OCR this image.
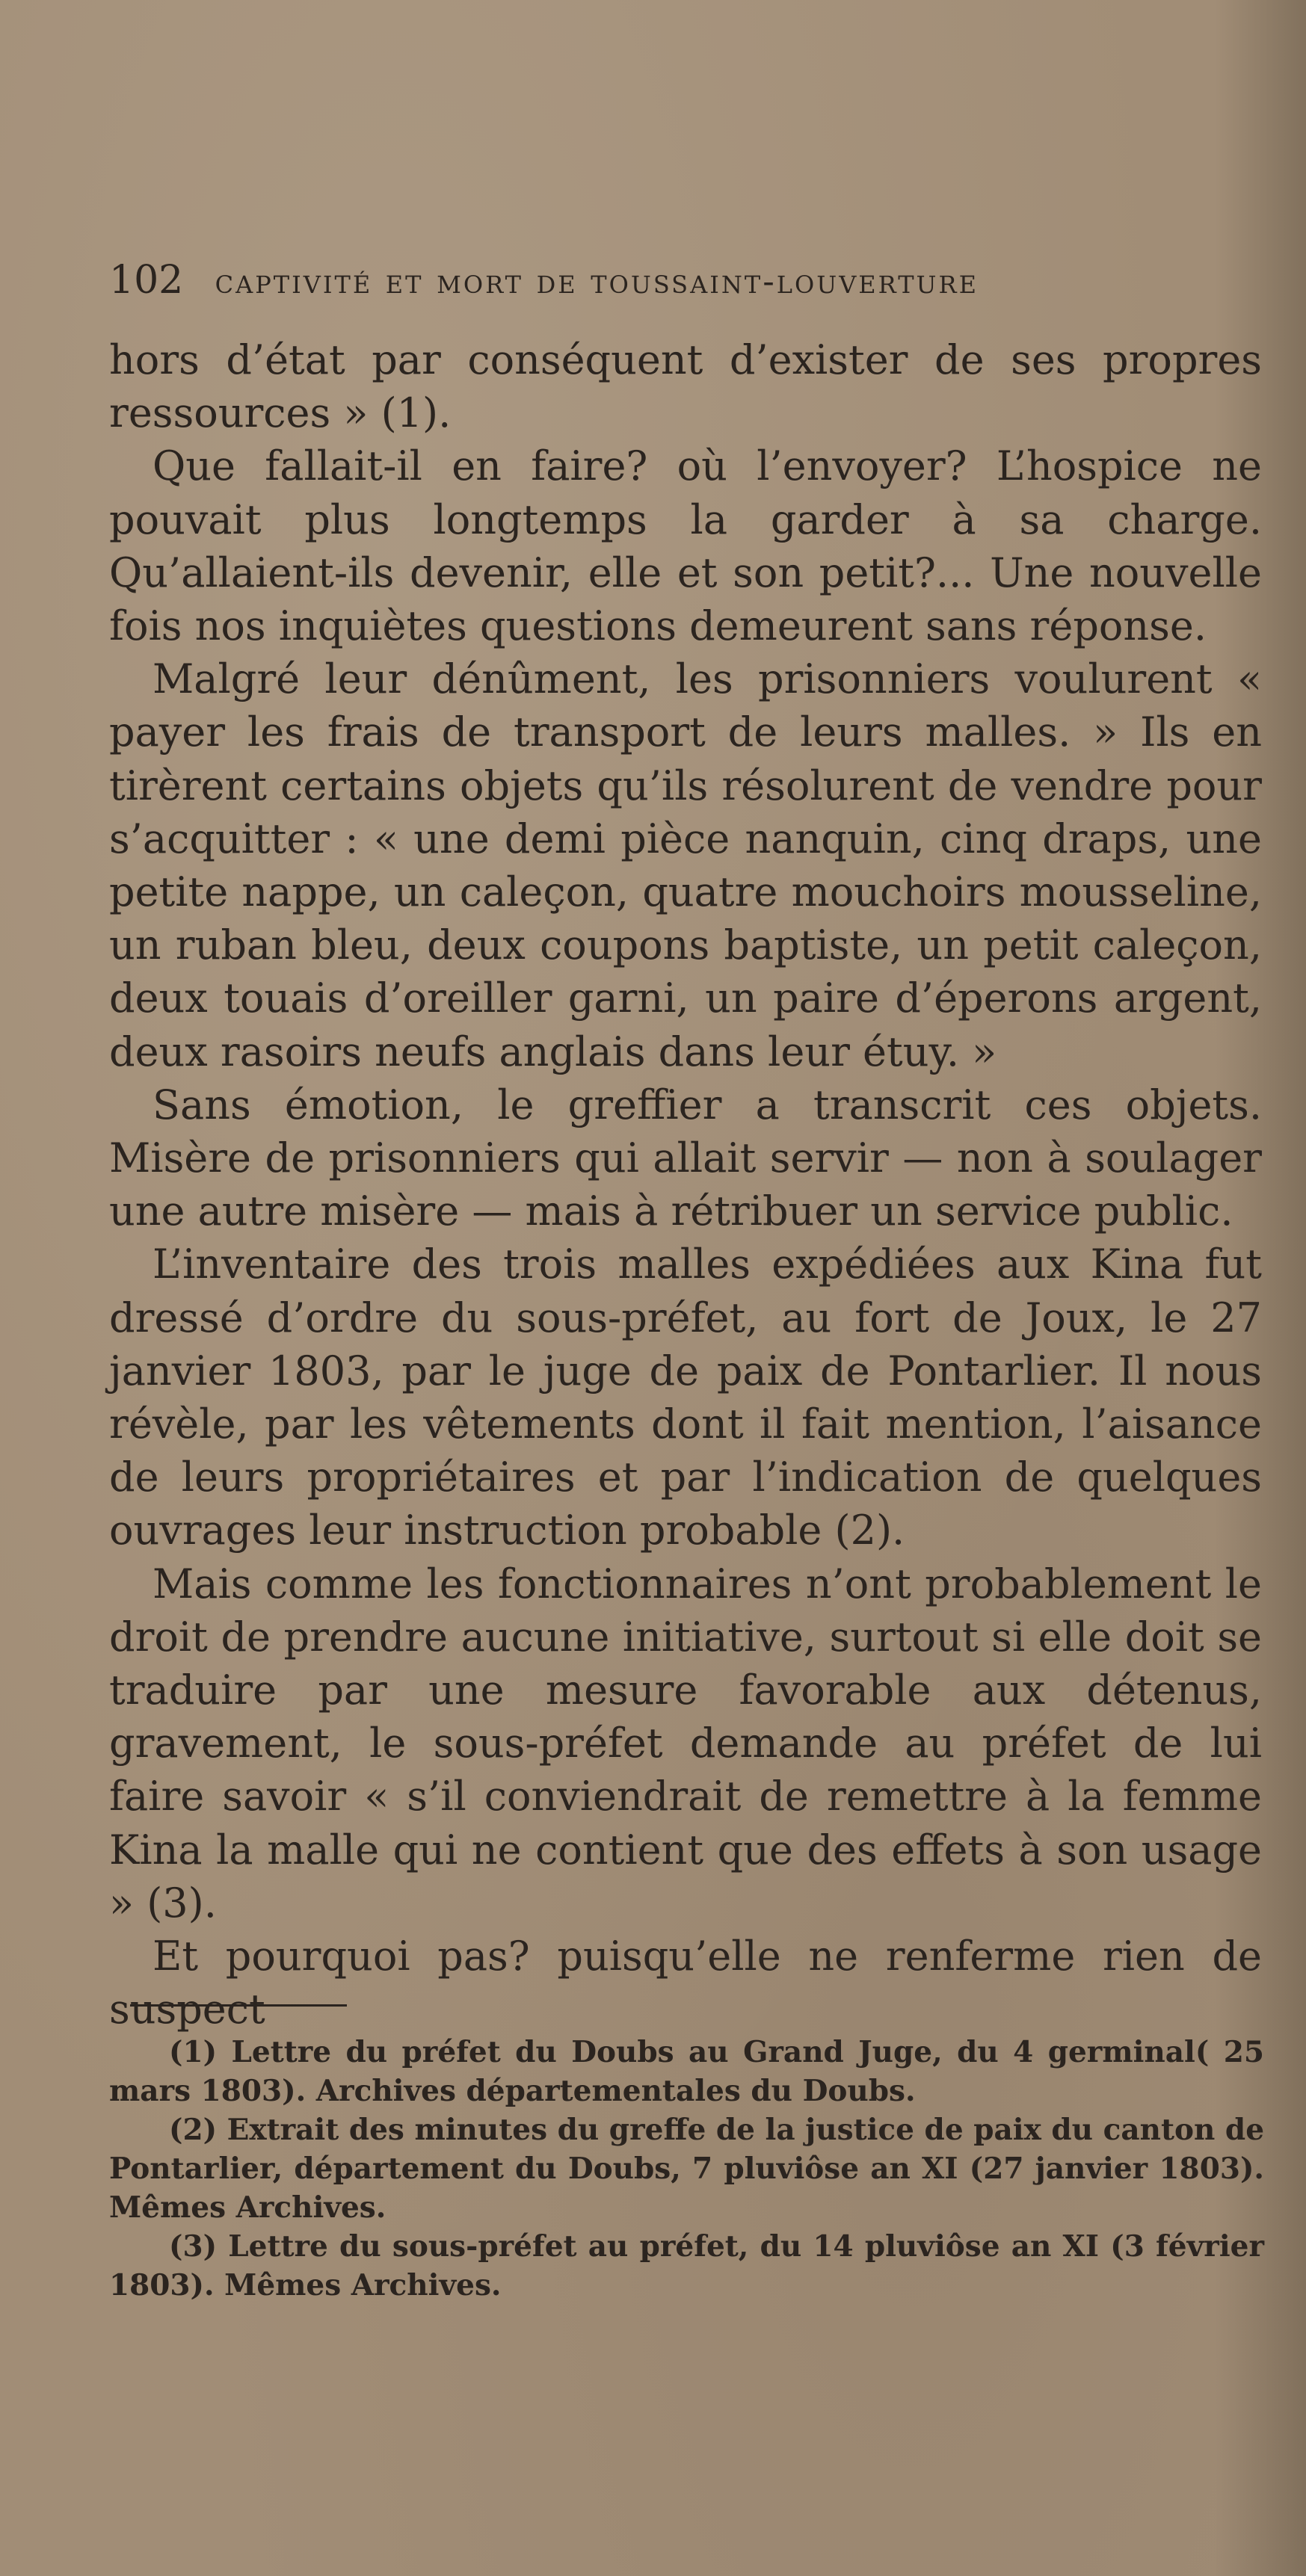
102 captivité et mort de toussaint-louverture

hors d’état par conséquent d’exister de ses propres ressources » (1).

Que fallait-il en faire? où l’envoyer? L’hospice ne pouvait plus longtemps la garder à sa charge. Qu’allaient-ils devenir, elle et son petit?... Une nouvelle fois nos inquiètes questions demeurent sans réponse.

Malgré leur dénûment, les prisonniers voulurent « payer les frais de transport de leurs malles. » Ils en tirèrent certains objets qu’ils résolurent de vendre pour s’acquitter : « une demi pièce nanquin, cinq draps, une petite nappe, un caleçon, quatre mouchoirs mousseline, un ruban bleu, deux coupons baptiste, un petit caleçon, deux touais d’oreiller garni, un paire d’éperons argent, deux rasoirs neufs anglais dans leur étuy. »

Sans émotion, le greffier a transcrit ces objets. Misère de prisonniers qui allait servir — non à soulager une autre misère — mais à rétribuer un service public.

L’inventaire des trois malles expédiées aux Kina fut dressé d’ordre du sous-préfet, au fort de Joux, le 27 janvier 1803, par le juge de paix de Pontarlier. Il nous révèle, par les vêtements dont il fait mention, l’aisance de leurs propriétaires et par l’indication de quelques ouvrages leur instruction probable (2).

Mais comme les fonctionnaires n’ont probablement le droit de prendre aucune initiative, surtout si elle doit se traduire par une mesure favorable aux détenus, gravement, le sous-préfet demande au préfet de lui faire savoir « s’il conviendrait de remettre à la femme Kina la malle qui ne contient que des effets à son usage » (3).

Et pourquoi pas? puisqu’elle ne renferme rien de suspect

(1) Lettre du préfet du Doubs au Grand Juge, du 4 germinal( 25 mars 1803). Archives départementales du Doubs.

(2) Extrait des minutes du greffe de la justice de paix du canton de Pontarlier, département du Doubs, 7 pluviôse an XI (27 janvier 1803). Mêmes Archives.

(3) Lettre du sous-préfet au préfet, du 14 pluviôse an XI (3 février 1803). Mêmes Archives.
